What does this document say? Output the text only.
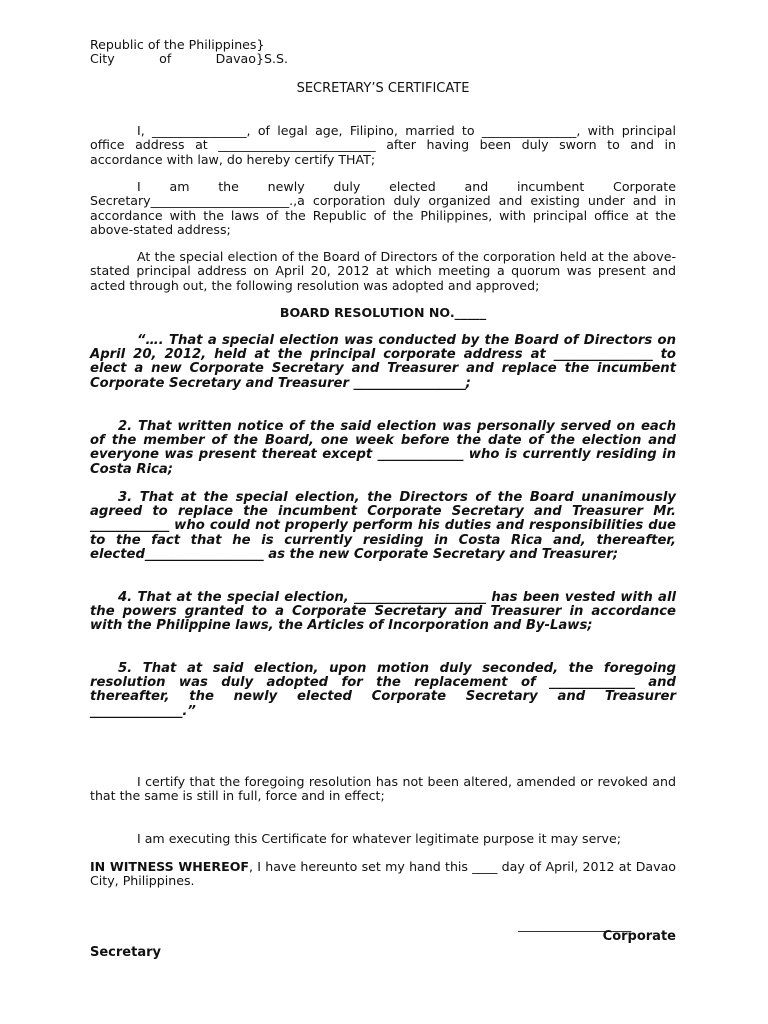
Republic of the Philippines}
City	of	Davao}S.S.
SECRETARY’S CERTIFICATE
I, _______________, of legal age, Filipino, married to _______________, with principal office address at _________________________ after having been duly sworn to and in accordance with law, do hereby certify THAT;
I am the newly duly elected and incumbent Corporate Secretary______________________.,a corporation duly organized and existing under and in accordance with the laws of the Republic of the Philippines, with principal office at the above-stated address;
At the special election of the Board of Directors of the corporation held at the above- stated principal address on April 20, 2012 at which meeting a quorum was present and acted through out, the following resolution was adopted and approved;
BOARD RESOLUTION NO._____
“…. That a special election was conducted by the Board of Directors on April 20, 2012, held at the principal corporate address at _______________ to elect a new Corporate Secretary and Treasurer and replace the incumbent Corporate Secretary and Treasurer _________________;
2. That written notice of the said election was personally served on each of the member of the Board, one week before the date of the election and everyone was present thereat except _____________ who is currently residing in Costa Rica;
3. That at the special election, the Directors of the Board unanimously agreed to replace the incumbent Corporate Secretary and Treasurer Mr. ____________ who could not properly perform his duties and responsibilities due to the fact that he is currently residing in Costa Rica and, thereafter, elected__________________ as the new Corporate Secretary and Treasurer;
4. That at the special election, ____________________ has been vested with all the powers granted to a Corporate Secretary and Treasurer in accordance with the Philippine laws, the Articles of Incorporation and By-Laws;
5. That at said election, upon motion duly seconded, the foregoing resolution was duly adopted for the replacement of _____________ and thereafter, the newly elected Corporate Secretary and Treasurer ______________.”
I certify that the foregoing resolution has not been altered, amended or revoked and that the same is still in full, force and in effect;
I am executing this Certificate for whatever legitimate purpose it may serve;
IN WITNESS WHEREOF, I have hereunto set my hand this ____ day of April, 2012 at Davao City, Philippines.
__________________
Corporate
Secretary
